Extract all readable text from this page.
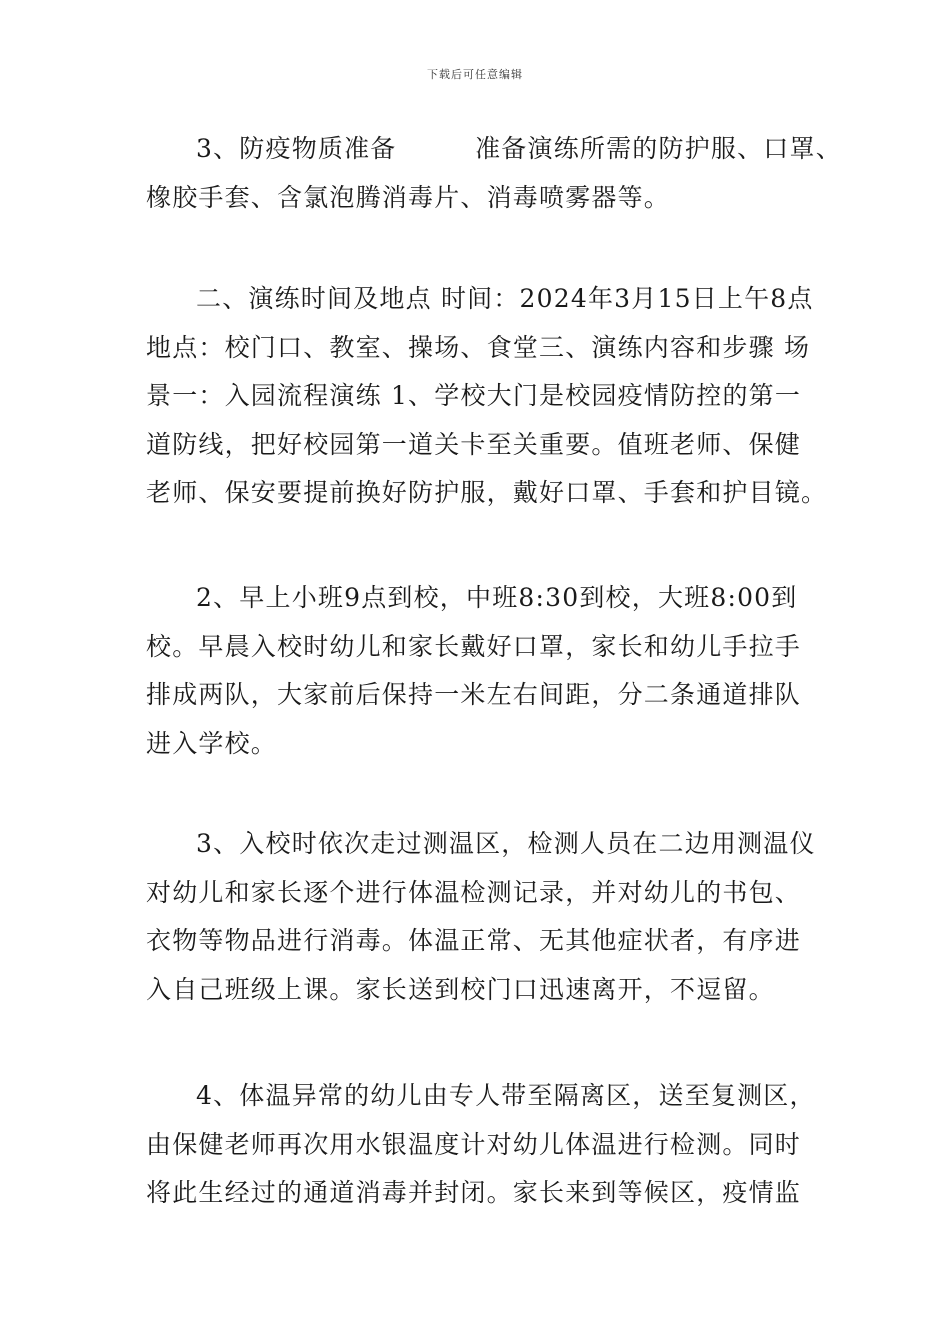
下载后可任意编辑
3、防疫物质准备　　　准备演练所需的防护服、口罩、
橡胶手套、含氯泡腾消毒片、消毒喷雾器等。
二、演练时间及地点 时间：2024年3月15日上午8点
地点：校门口、教室、操场、食堂三、演练内容和步骤 场
景一：入园流程演练 1、学校大门是校园疫情防控的第一
道防线，把好校园第一道关卡至关重要。值班老师、保健
老师、保安要提前换好防护服，戴好口罩、手套和护目镜。
2、早上小班9点到校，中班8:30到校，大班8:00到
校。早晨入校时幼儿和家长戴好口罩，家长和幼儿手拉手
排成两队，大家前后保持一米左右间距，分二条通道排队
进入学校。
3、入校时依次走过测温区，检测人员在二边用测温仪
对幼儿和家长逐个进行体温检测记录，并对幼儿的书包、
衣物等物品进行消毒。体温正常、无其他症状者，有序进
入自己班级上课。家长送到校门口迅速离开，不逗留。
4、体温异常的幼儿由专人带至隔离区，送至复测区，
由保健老师再次用水银温度计对幼儿体温进行检测。同时
将此生经过的通道消毒并封闭。家长来到等候区，疫情监
